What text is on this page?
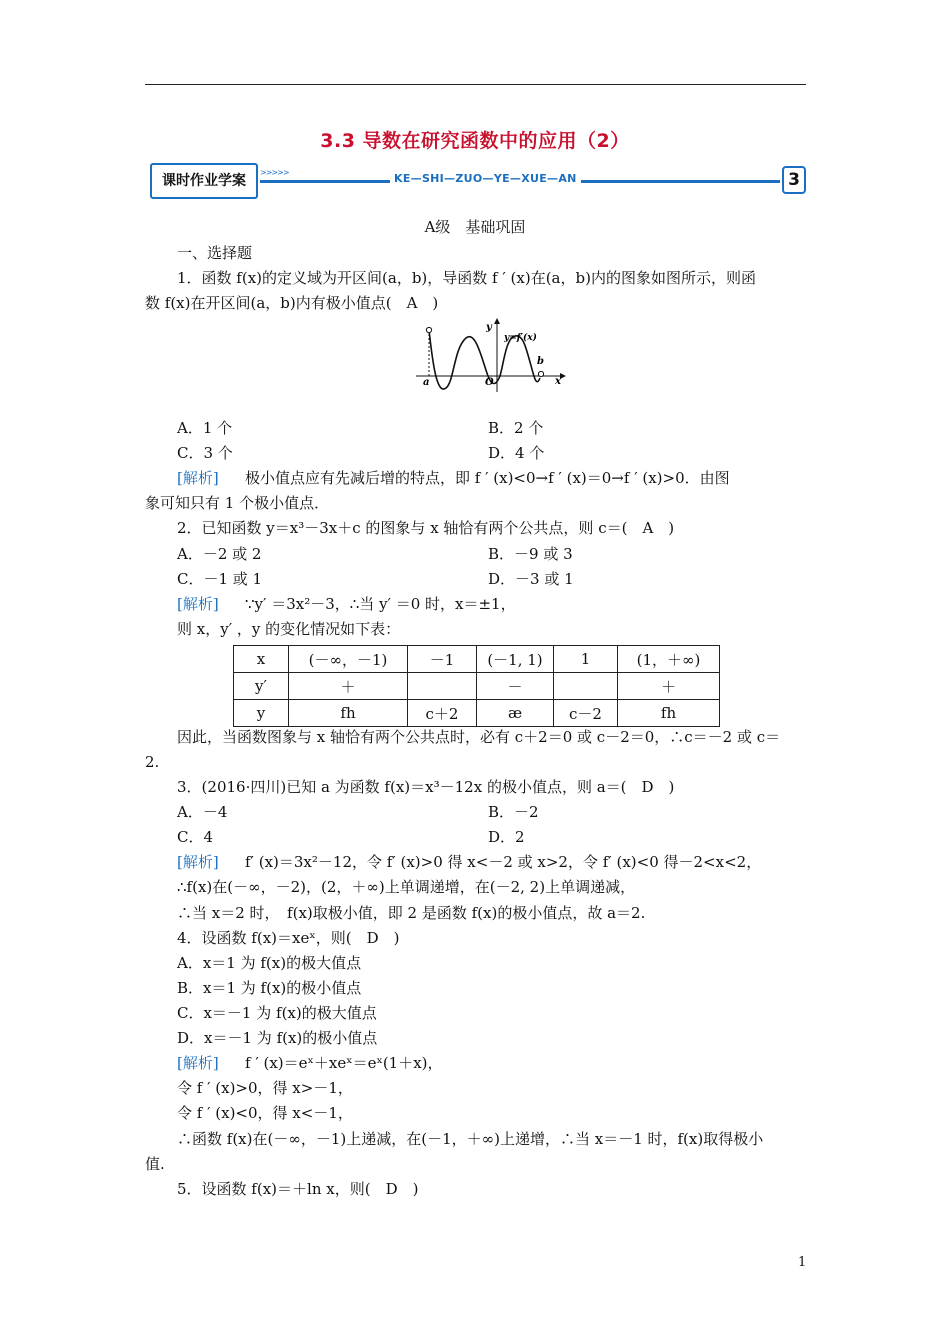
3.3 导数在研究函数中的应用（2）
>>>>>	KE—SHI—ZUO—YE—XUE—AN
课时作业学案	3
A级　基础巩固
一、选择题
1．函数 f(x)的定义域为开区间(a，b)，导函数 f ′ (x)在(a，b)内的图象如图所示，则函
数 f(x)在开区间(a，b)内有极小值点(　A　)
y
y=f′(x)
a
b
O	x
A．1 个	B．2 个
C．3 个	D．4 个
[解析] 极小值点应有先减后增的特点，即 f ′ (x)<0→f ′ (x)＝0→f ′ (x)>0．由图
象可知只有 1 个极小值点．
2．已知函数 y＝x³－3x＋c 的图象与 x 轴恰有两个公共点，则 c＝(　A　)
A．－2 或 2	B．－9 或 3
C．－1 或 1	D．－3 或 1
[解析] ∵y′ ＝3x²－3，∴当 y′ ＝0 时，x＝±1，
则 x，y′ ，y 的变化情况如下表：
x	(－∞，－1)	－1	(－1, 1)	1	(1，＋∞)
y′	＋		－		＋
y	fh	c＋2	æ	c－2	fh
因此，当函数图象与 x 轴恰有两个公共点时，必有 c＋2＝0 或 c－2＝0，∴c＝－2 或 c＝
2.
3．(2016·四川)已知 a 为函数 f(x)＝x³－12x 的极小值点，则 a＝(　D　)
A．－4	B．－2
C．4	D．2
[解析] f′ (x)＝3x²－12，令 f′ (x)>0 得 x<－2 或 x>2，令 f′ (x)<0 得－2<x<2，
∴f(x)在(－∞，－2)，(2，＋∞)上单调递增，在(－2, 2)上单调递减，
∴当 x＝2 时，　f(x)取极小值，即 2 是函数 f(x)的极小值点，故 a＝2.
4．设函数 f(x)＝xeˣ，则(　D　)
A．x＝1 为 f(x)的极大值点
B．x＝1 为 f(x)的极小值点
C．x＝－1 为 f(x)的极大值点
D．x＝－1 为 f(x)的极小值点
[解析] f ′ (x)＝eˣ＋xeˣ＝eˣ(1＋x)，
令 f ′ (x)>0，得 x>－1，
令 f ′ (x)<0，得 x<－1，
∴函数 f(x)在(－∞，－1)上递减，在(－1，＋∞)上递增，∴当 x＝－1 时，f(x)取得极小
值.
5．设函数 f(x)＝＋ln x，则(　D　)
1
